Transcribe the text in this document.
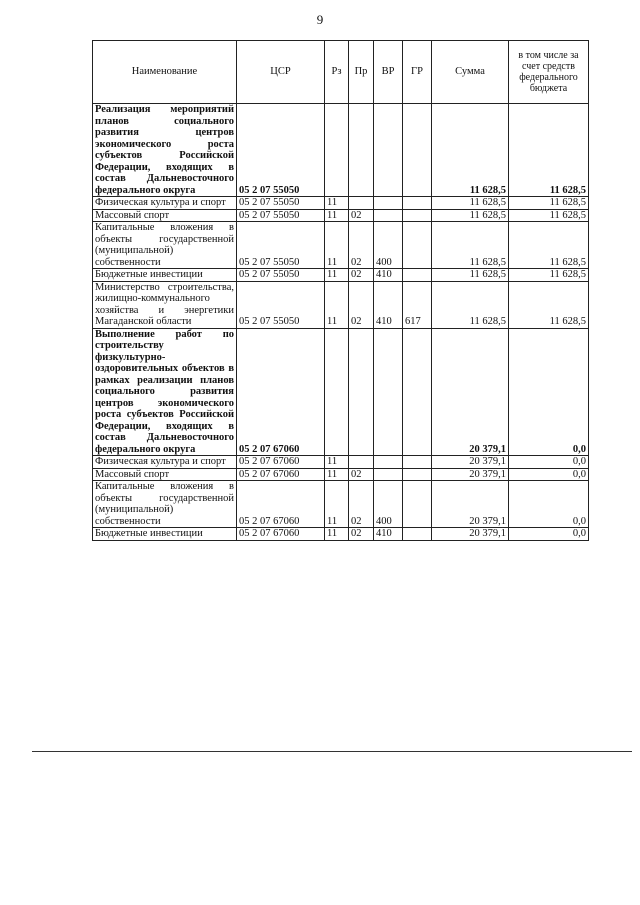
9
Наименование	ЦСР	Рз	Пр	ВР	ГР	Сумма	в том числе за счет средств федерального бюджета
Реализация мероприятий планов социального развития центров экономического роста субъектов Российской Федерации, входящих в состав Дальневосточного федерального округа	05 2 07 55050					11 628,5	11 628,5
Физическая культура и спорт	05 2 07 55050	11				11 628,5	11 628,5
Массовый спорт	05 2 07 55050	11	02			11 628,5	11 628,5
Капитальные вложения в объекты государственной (муниципальной) собственности	05 2 07 55050	11	02	400		11 628,5	11 628,5
Бюджетные инвестиции	05 2 07 55050	11	02	410		11 628,5	11 628,5
Министерство строительства, жилищно-коммунального хозяйства и энергетики Магаданской области	05 2 07 55050	11	02	410	617	11 628,5	11 628,5
Выполнение работ по строительству физкультурно-оздоровительных объектов в рамках реализации планов социального развития центров экономического роста субъектов Российской Федерации, входящих в состав Дальневосточного федерального округа	05 2 07 67060					20 379,1	0,0
Физическая культура и спорт	05 2 07 67060	11				20 379,1	0,0
Массовый спорт	05 2 07 67060	11	02			20 379,1	0,0
Капитальные вложения в объекты государственной (муниципальной) собственности	05 2 07 67060	11	02	400		20 379,1	0,0
Бюджетные инвестиции	05 2 07 67060	11	02	410		20 379,1	0,0
